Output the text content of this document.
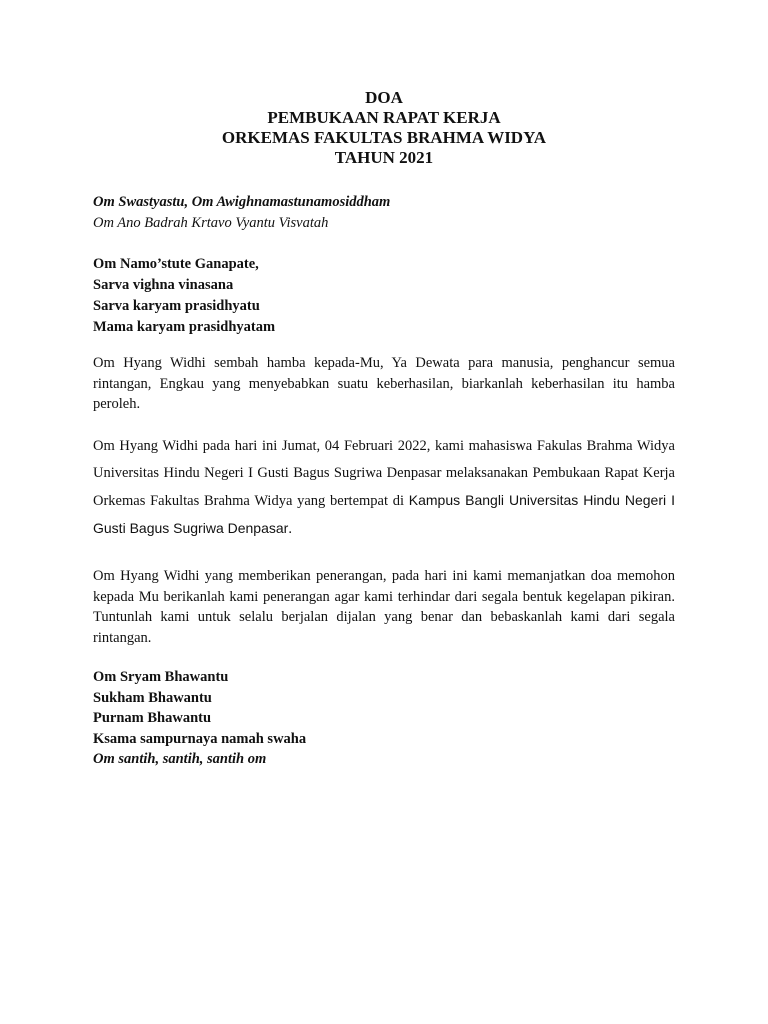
DOA
PEMBUKAAN RAPAT KERJA
ORKEMAS FAKULTAS BRAHMA WIDYA
TAHUN 2021
Om Swastyastu, Om Awighnamastunamosiddham
Om Ano Badrah Krtavo Vyantu Visvatah
Om Namo’stute Ganapate,
Sarva vighna vinasana
Sarva karyam prasidhyatu
Mama karyam prasidhyatam
Om Hyang Widhi sembah hamba kepada-Mu, Ya Dewata para manusia, penghancur semua rintangan, Engkau yang menyebabkan suatu keberhasilan, biarkanlah keberhasilan itu hamba peroleh.
Om Hyang Widhi pada hari ini Jumat, 04 Februari 2022, kami mahasiswa Fakulas Brahma Widya Universitas Hindu Negeri I Gusti Bagus Sugriwa Denpasar melaksanakan Pembukaan Rapat Kerja Orkemas Fakultas Brahma Widya yang bertempat di Kampus Bangli Universitas Hindu Negeri I Gusti Bagus Sugriwa Denpasar.
Om Hyang Widhi yang memberikan penerangan, pada hari ini kami memanjatkan doa memohon kepada Mu berikanlah kami penerangan agar kami terhindar dari segala bentuk kegelapan pikiran. Tuntunlah kami untuk selalu berjalan dijalan yang benar dan bebaskanlah kami dari segala rintangan.
Om Sryam Bhawantu
Sukham Bhawantu
Purnam Bhawantu
Ksama sampurnaya namah swaha
Om santih, santih, santih om
